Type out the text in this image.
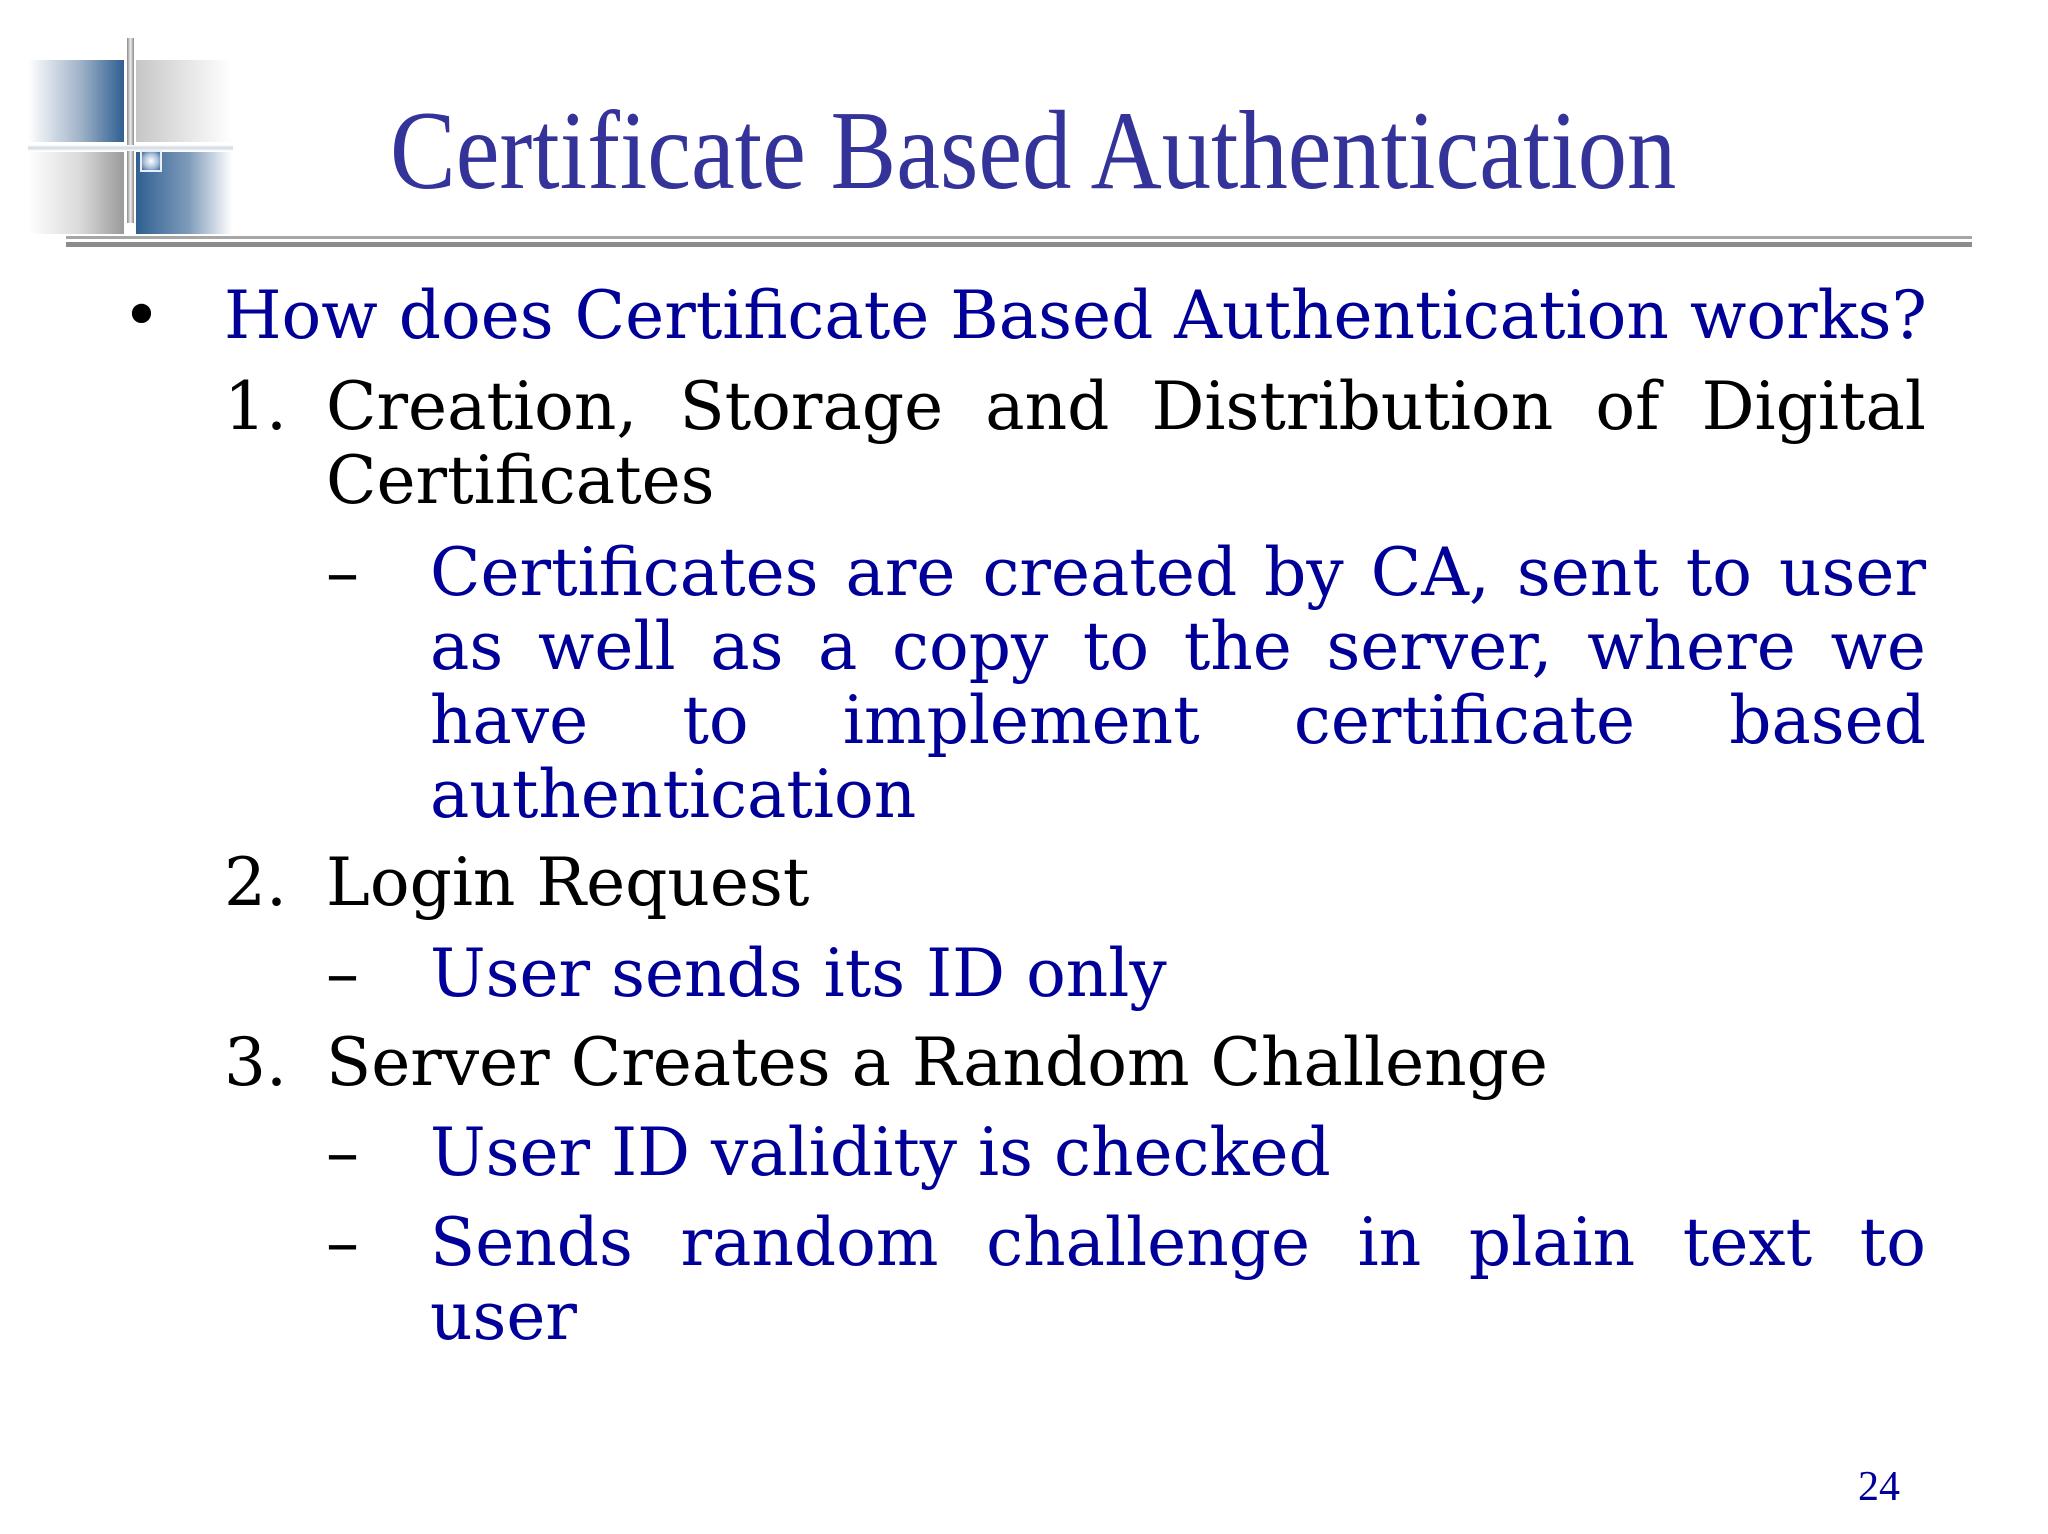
Certificate Based Authentication
• How does Certificate Based Authentication works?
1. Creation, Storage and Distribution of Digital Certificates
– Certificates are created by CA, sent to user as well as a copy to the server, where we have to implement certificate based authentication
2. Login Request
– User sends its ID only
3. Server Creates a Random Challenge
– User ID validity is checked
– Sends random challenge in plain text to user
24
